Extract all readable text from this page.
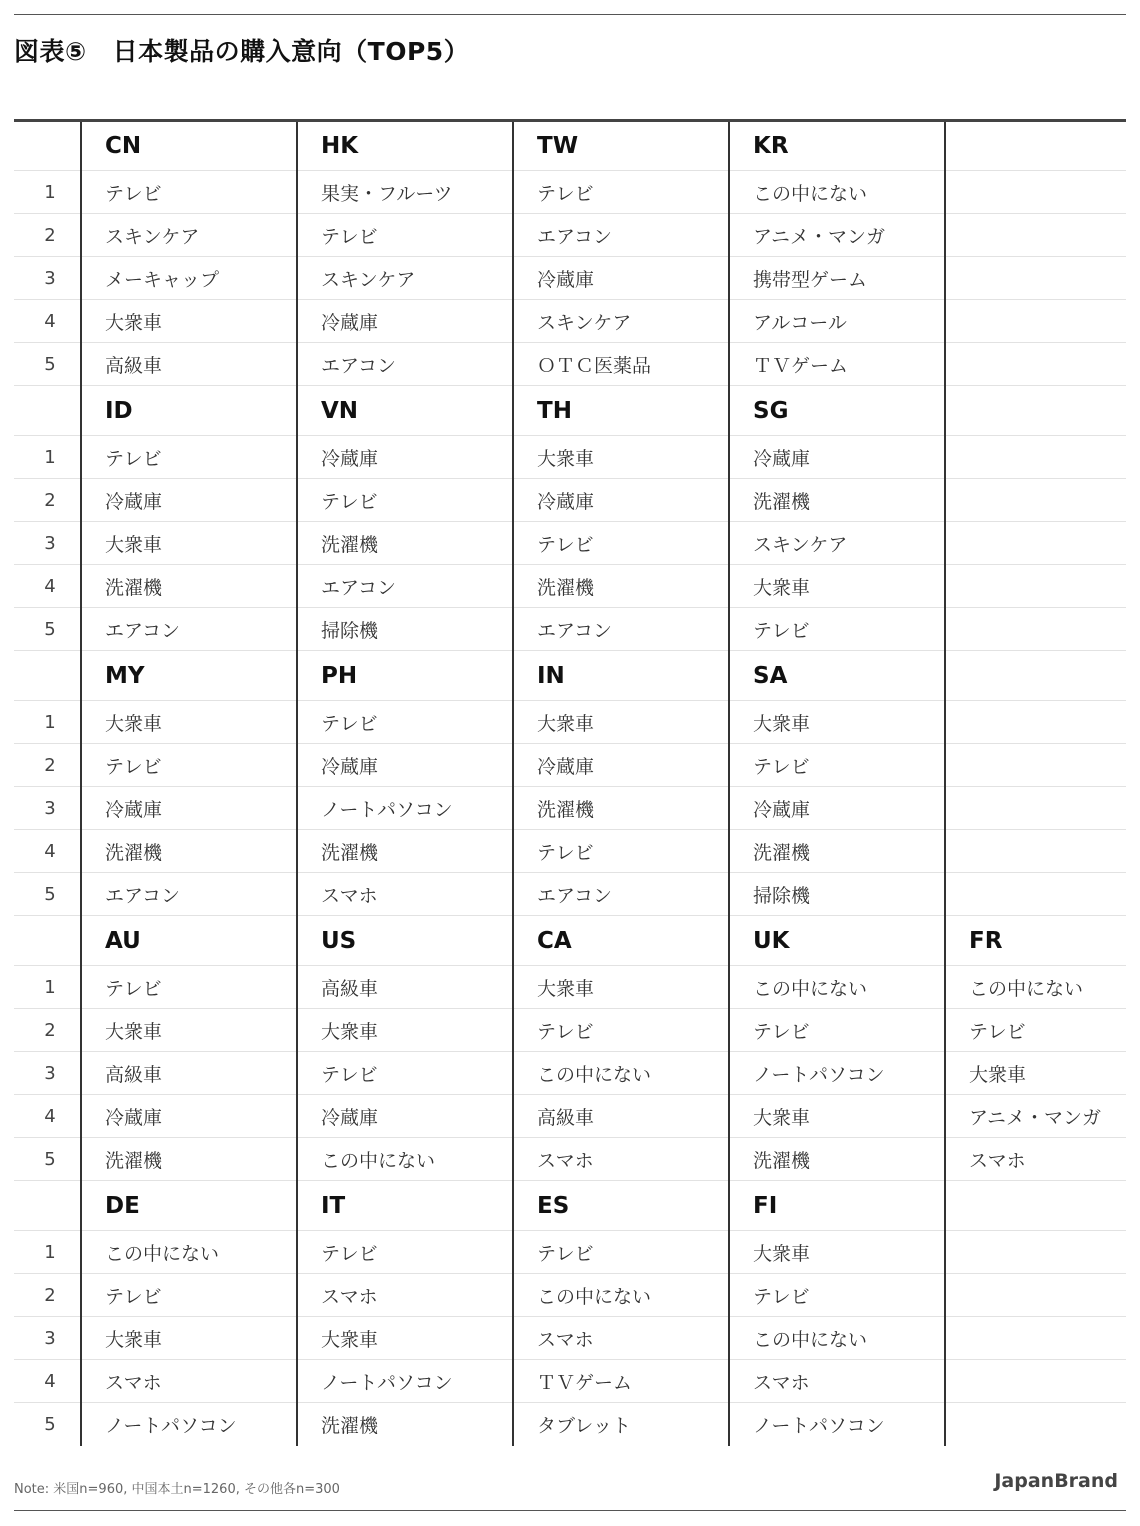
図表⑤ 日本製品の購入意向（TOP5）
	CN	HK	TW	KR	
1	テレビ	果実・フルーツ	テレビ	この中にない	
2	スキンケア	テレビ	エアコン	アニメ・マンガ	
3	メーキャップ	スキンケア	冷蔵庫	携帯型ゲーム	
4	大衆車	冷蔵庫	スキンケア	アルコール	
5	高級車	エアコン	ＯＴＣ医薬品	ＴＶゲーム	
	ID	VN	TH	SG	
1	テレビ	冷蔵庫	大衆車	冷蔵庫	
2	冷蔵庫	テレビ	冷蔵庫	洗濯機	
3	大衆車	洗濯機	テレビ	スキンケア	
4	洗濯機	エアコン	洗濯機	大衆車	
5	エアコン	掃除機	エアコン	テレビ	
	MY	PH	IN	SA	
1	大衆車	テレビ	大衆車	大衆車	
2	テレビ	冷蔵庫	冷蔵庫	テレビ	
3	冷蔵庫	ノートパソコン	洗濯機	冷蔵庫	
4	洗濯機	洗濯機	テレビ	洗濯機	
5	エアコン	スマホ	エアコン	掃除機	
	AU	US	CA	UK	FR
1	テレビ	高級車	大衆車	この中にない	この中にない
2	大衆車	大衆車	テレビ	テレビ	テレビ
3	高級車	テレビ	この中にない	ノートパソコン	大衆車
4	冷蔵庫	冷蔵庫	高級車	大衆車	アニメ・マンガ
5	洗濯機	この中にない	スマホ	洗濯機	スマホ
	DE	IT	ES	FI	
1	この中にない	テレビ	テレビ	大衆車	
2	テレビ	スマホ	この中にない	テレビ	
3	大衆車	大衆車	スマホ	この中にない	
4	スマホ	ノートパソコン	ＴＶゲーム	スマホ	
5	ノートパソコン	洗濯機	タブレット	ノートパソコン	
Note: 米国n=960, 中国本土n=1260, その他各n=300	JapanBrand
